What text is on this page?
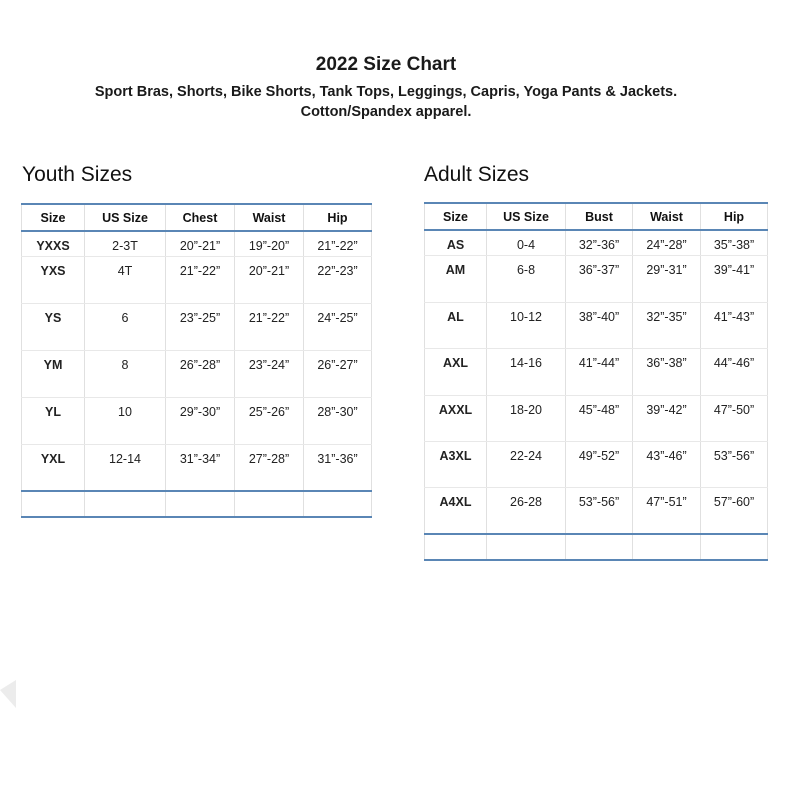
2022 Size Chart
Sport Bras, Shorts, Bike Shorts, Tank Tops, Leggings, Capris, Yoga Pants & Jackets.
Cotton/Spandex apparel.
Youth Sizes	Adult Sizes
Size	US Size	Chest	Waist	Hip

YXXS	2-3T	20”-21”	19”-20”	21”-22”

YXS	4T	21”-22”	20”-21”	22”-23”

YS	6	23”-25”	21”-22”	24”-25”

YM	8	26”-28”	23”-24”	26”-27”

YL	10	29”-30”	25”-26”	28”-30”

YXL	12-14	31”-34”	27”-28”	31”-36”

Size	US Size	Bust	Waist	Hip

AS	0-4	32”-36”	24”-28”	35”-38”

AM	6-8	36”-37”	29”-31”	39”-41”

AL	10-12	38”-40”	32”-35”	41”-43”

AXL	14-16	41”-44”	36”-38”	44”-46”

AXXL	18-20	45”-48”	39”-42”	47”-50”

A3XL	22-24	49”-52”	43”-46”	53”-56”

A4XL	26-28	53”-56”	47”-51”	57”-60”
